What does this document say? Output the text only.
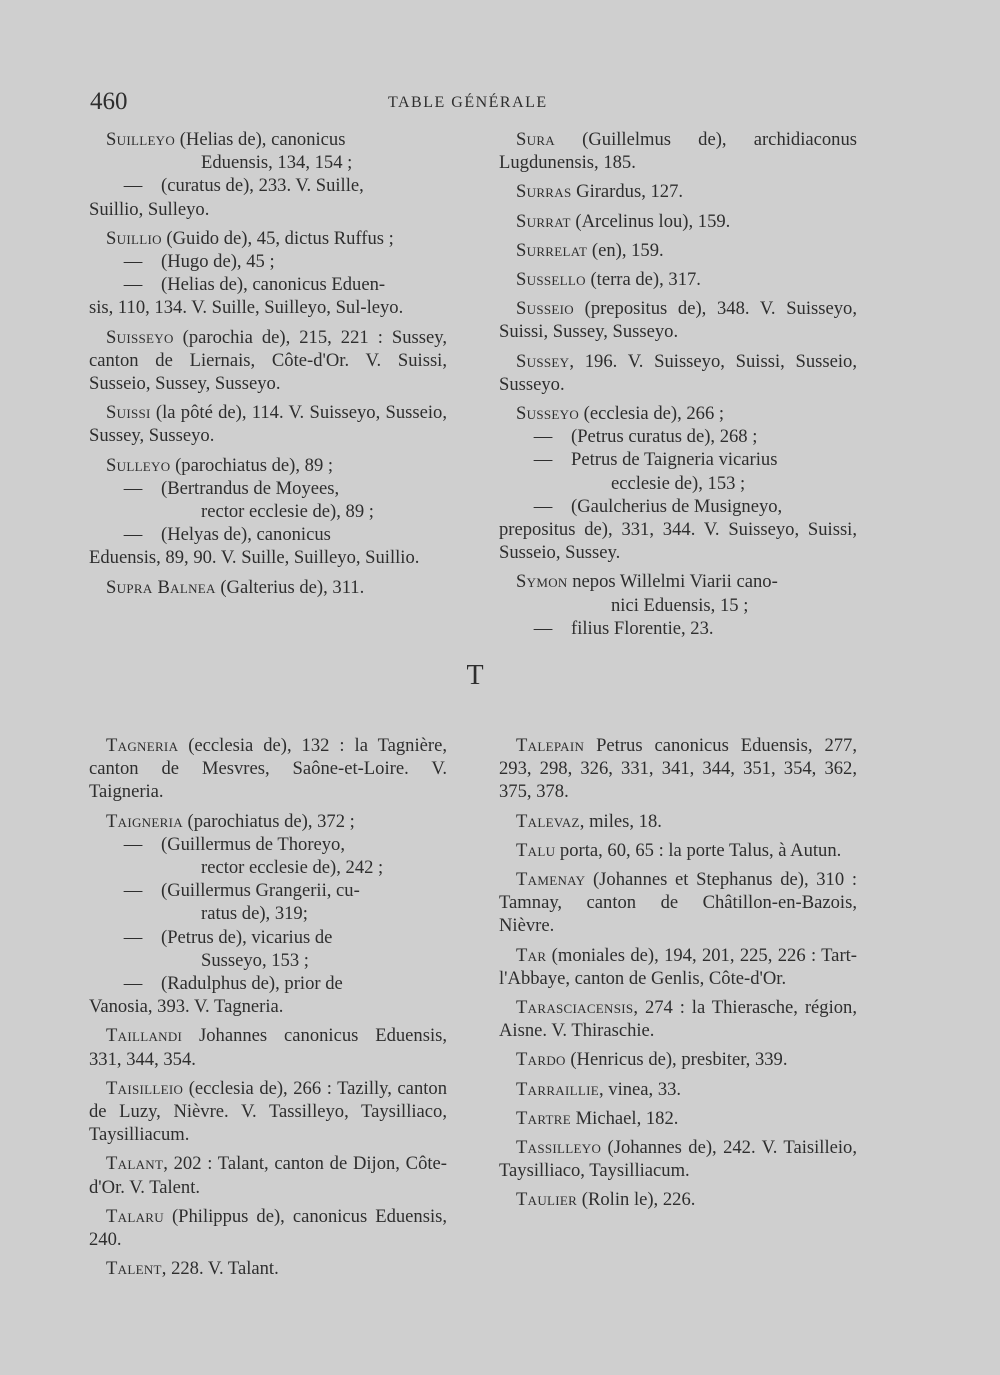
460	TABLE GÉNÉRALE
Suilleyo (Helias de), canonicus
Eduensis, 134, 154 ;
—	(curatus de), 233. V. Suille,
Suillio, Sulleyo.
Suillio (Guido de), 45, dictus Ruffus ;
—	(Hugo de), 45 ;
—	(Helias de), canonicus Eduen-
sis, 110, 134. V. Suille, Suilleyo, Sul-leyo.
Suisseyo (parochia de), 215, 221 : Sussey, canton de Liernais, Côte-d'Or. V. Suissi, Susseio, Sussey, Susseyo.
Suissi (la pôté de), 114. V. Suisseyo, Susseio, Sussey, Susseyo.
Sulleyo (parochiatus de), 89 ;
—	(Bertrandus de Moyees,
rector ecclesie de), 89 ;
—	(Helyas de), canonicus
Eduensis, 89, 90. V. Suille, Suilleyo, Suillio.
Supra Balnea (Galterius de), 311.
Sura (Guillelmus de), archidiaconus Lugdunensis, 185.
Surras Girardus, 127.
Surrat (Arcelinus lou), 159.
Surrelat (en), 159.
Sussello (terra de), 317.
Susseio (prepositus de), 348. V. Suisseyo, Suissi, Sussey, Susseyo.
Sussey, 196. V. Suisseyo, Suissi, Susseio, Susseyo.
Susseyo (ecclesia de), 266 ;
—	(Petrus curatus de), 268 ;
—	Petrus de Taigneria vicarius
ecclesie de), 153 ;
—	(Gaulcherius de Musigneyo,
prepositus de), 331, 344. V. Suisseyo, Suissi, Susseio, Sussey.
Symon nepos Willelmi Viarii cano-
nici Eduensis, 15 ;
—	filius Florentie, 23.
T
Tagneria (ecclesia de), 132 : la Tagnière, canton de Mesvres, Saône-et-Loire. V. Taigneria.
Taigneria (parochiatus de), 372 ;
—	(Guillermus de Thoreyo,
rector ecclesie de), 242 ;
—	(Guillermus Grangerii, cu-
ratus de), 319;
—	(Petrus de), vicarius de
Susseyo, 153 ;
—	(Radulphus de), prior de
Vanosia, 393. V. Tagneria.
Taillandi Johannes canonicus Eduensis, 331, 344, 354.
Taisilleio (ecclesia de), 266 : Tazilly, canton de Luzy, Nièvre. V. Tassilleyo, Taysilliaco, Taysilliacum.
Talant, 202 : Talant, canton de Dijon, Côte-d'Or. V. Talent.
Talaru (Philippus de), canonicus Eduensis, 240.
Talent, 228. V. Talant.
Talepain Petrus canonicus Eduensis, 277, 293, 298, 326, 331, 341, 344, 351, 354, 362, 375, 378.
Talevaz, miles, 18.
Talu porta, 60, 65 : la porte Talus, à Autun.
Tamenay (Johannes et Stephanus de), 310 : Tamnay, canton de Châtillon-en-Bazois, Nièvre.
Tar (moniales de), 194, 201, 225, 226 : Tart-l'Abbaye, canton de Genlis, Côte-d'Or.
Tarasciacensis, 274 : la Thierasche, région, Aisne. V. Thiraschie.
Tardo (Henricus de), presbiter, 339.
Tarraillie, vinea, 33.
Tartre Michael, 182.
Tassilleyo (Johannes de), 242. V. Taisilleio, Taysilliaco, Taysilliacum.
Taulier (Rolin le), 226.
